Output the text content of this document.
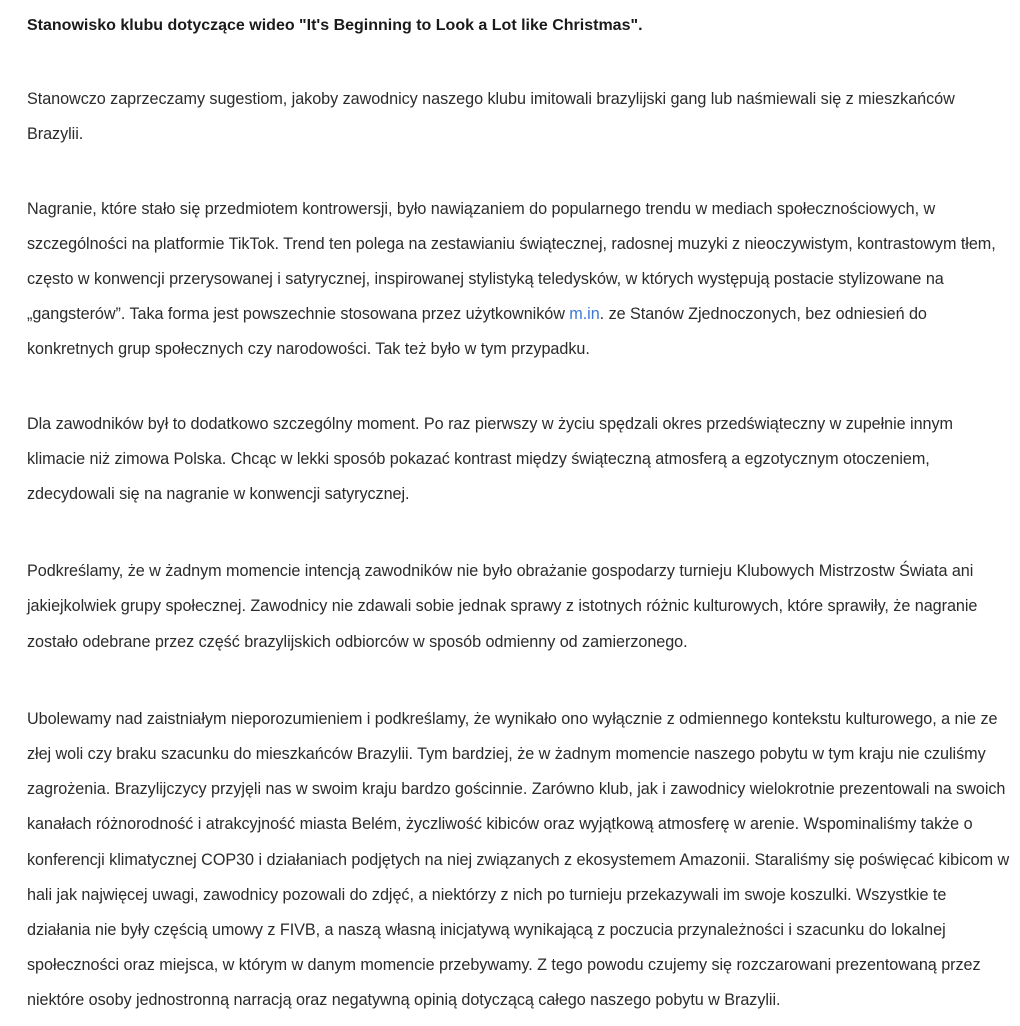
Stanowisko klubu dotyczące wideo "It's Beginning to Look a Lot like Christmas".

Stanowczo zaprzeczamy sugestiom, jakoby zawodnicy naszego klubu imitowali brazylijski gang lub naśmiewali się z mieszkańców Brazylii.

Nagranie, które stało się przedmiotem kontrowersji, było nawiązaniem do popularnego trendu w mediach społecznościowych, w szczególności na platformie TikTok. Trend ten polega na zestawianiu świątecznej, radosnej muzyki z nieoczywistym, kontrastowym tłem, często w konwencji przerysowanej i satyrycznej, inspirowanej stylistyką teledysków, w których występują postacie stylizowane na „gangsterów”. Taka forma jest powszechnie stosowana przez użytkowników m.in. ze Stanów Zjednoczonych, bez odniesień do konkretnych grup społecznych czy narodowości. Tak też było w tym przypadku.

Dla zawodników był to dodatkowo szczególny moment. Po raz pierwszy w życiu spędzali okres przedświąteczny w zupełnie innym klimacie niż zimowa Polska. Chcąc w lekki sposób pokazać kontrast między świąteczną atmosferą a egzotycznym otoczeniem, zdecydowali się na nagranie w konwencji satyrycznej.

Podkreślamy, że w żadnym momencie intencją zawodników nie było obrażanie gospodarzy turnieju Klubowych Mistrzostw Świata ani jakiejkolwiek grupy społecznej. Zawodnicy nie zdawali sobie jednak sprawy z istotnych różnic kulturowych, które sprawiły, że nagranie zostało odebrane przez część brazylijskich odbiorców w sposób odmienny od zamierzonego.

Ubolewamy nad zaistniałym nieporozumieniem i podkreślamy, że wynikało ono wyłącznie z odmiennego kontekstu kulturowego, a nie ze złej woli czy braku szacunku do mieszkańców Brazylii. Tym bardziej, że w żadnym momencie naszego pobytu w tym kraju nie czuliśmy zagrożenia. Brazylijczycy przyjęli nas w swoim kraju bardzo gościnnie. Zarówno klub, jak i zawodnicy wielokrotnie prezentowali na swoich kanałach różnorodność i atrakcyjność miasta Belém, życzliwość kibiców oraz wyjątkową atmosferę w arenie. Wspominaliśmy także o konferencji klimatycznej COP30 i działaniach podjętych na niej związanych z ekosystemem Amazonii. Staraliśmy się poświęcać kibicom w hali jak najwięcej uwagi, zawodnicy pozowali do zdjęć, a niektórzy z nich po turnieju przekazywali im swoje koszulki. Wszystkie te działania nie były częścią umowy z FIVB, a naszą własną inicjatywą wynikającą z poczucia przynależności i szacunku do lokalnej społeczności oraz miejsca, w którym w danym momencie przebywamy. Z tego powodu czujemy się rozczarowani prezentowaną przez niektóre osoby jednostronną narracją oraz negatywną opinią dotyczącą całego naszego pobytu w Brazylii.
